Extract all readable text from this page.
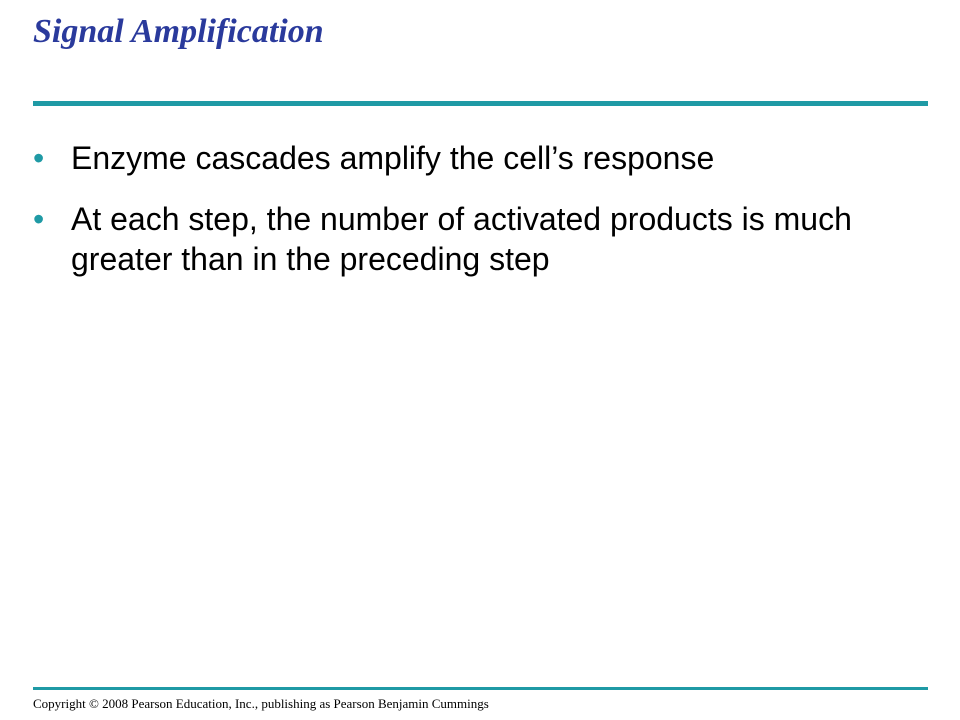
Signal Amplification
• Enzyme cascades amplify the cell’s response
• At each step, the number of activated products is much greater than in the preceding step

Copyright © 2008 Pearson Education, Inc., publishing as Pearson Benjamin Cummings
